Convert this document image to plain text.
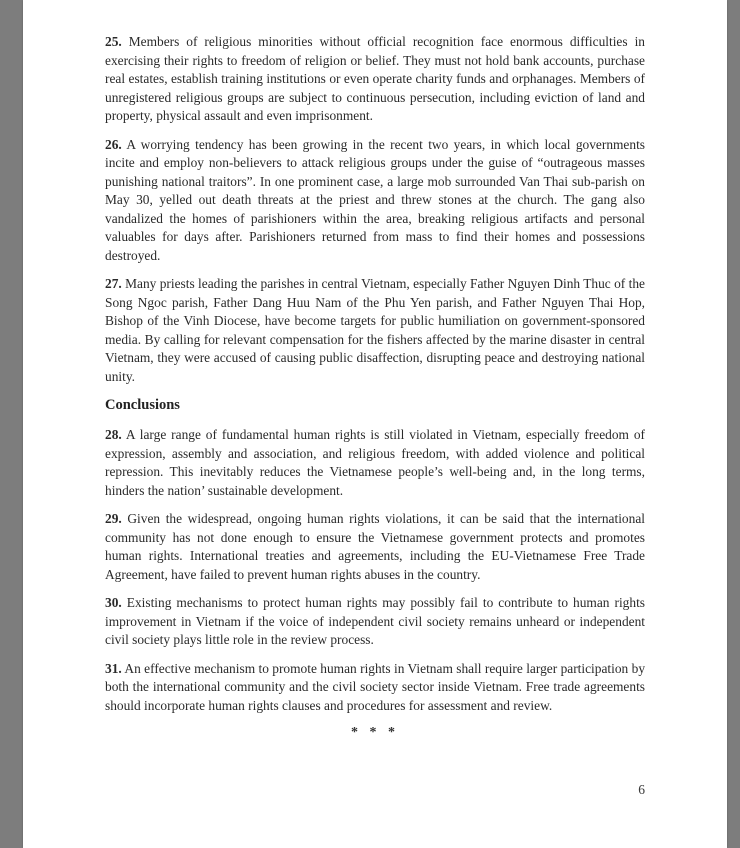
25. Members of religious minorities without official recognition face enormous difficulties in exercising their rights to freedom of religion or belief. They must not hold bank accounts, purchase real estates, establish training institutions or even operate charity funds and orphanages. Members of unregistered religious groups are subject to continuous persecution, including eviction of land and property, physical assault and even imprisonment.

26. A worrying tendency has been growing in the recent two years, in which local governments incite and employ non-believers to attack religious groups under the guise of “outrageous masses punishing national traitors”. In one prominent case, a large mob surrounded Van Thai sub-parish on May 30, yelled out death threats at the priest and threw stones at the church. The gang also vandalized the homes of parishioners within the area, breaking religious artifacts and personal valuables for days after. Parishioners returned from mass to find their homes and possessions destroyed.

27. Many priests leading the parishes in central Vietnam, especially Father Nguyen Dinh Thuc of the Song Ngoc parish, Father Dang Huu Nam of the Phu Yen parish, and Father Nguyen Thai Hop, Bishop of the Vinh Diocese, have become targets for public humiliation on government-sponsored media. By calling for relevant compensation for the fishers affected by the marine disaster in central Vietnam, they were accused of causing public disaffection, disrupting peace and destroying national unity.

Conclusions

28. A large range of fundamental human rights is still violated in Vietnam, especially freedom of expression, assembly and association, and religious freedom, with added violence and political repression. This inevitably reduces the Vietnamese people’s well-being and, in the long terms, hinders the nation’ sustainable development.

29. Given the widespread, ongoing human rights violations, it can be said that the international community has not done enough to ensure the Vietnamese government protects and promotes human rights. International treaties and agreements, including the EU-Vietnamese Free Trade Agreement, have failed to prevent human rights abuses in the country.

30. Existing mechanisms to protect human rights may possibly fail to contribute to human rights improvement in Vietnam if the voice of independent civil society remains unheard or independent civil society plays little role in the review process.

31. An effective mechanism to promote human rights in Vietnam shall require larger participation by both the international community and the civil society sector inside Vietnam. Free trade agreements should incorporate human rights clauses and procedures for assessment and review.

* * *
6
